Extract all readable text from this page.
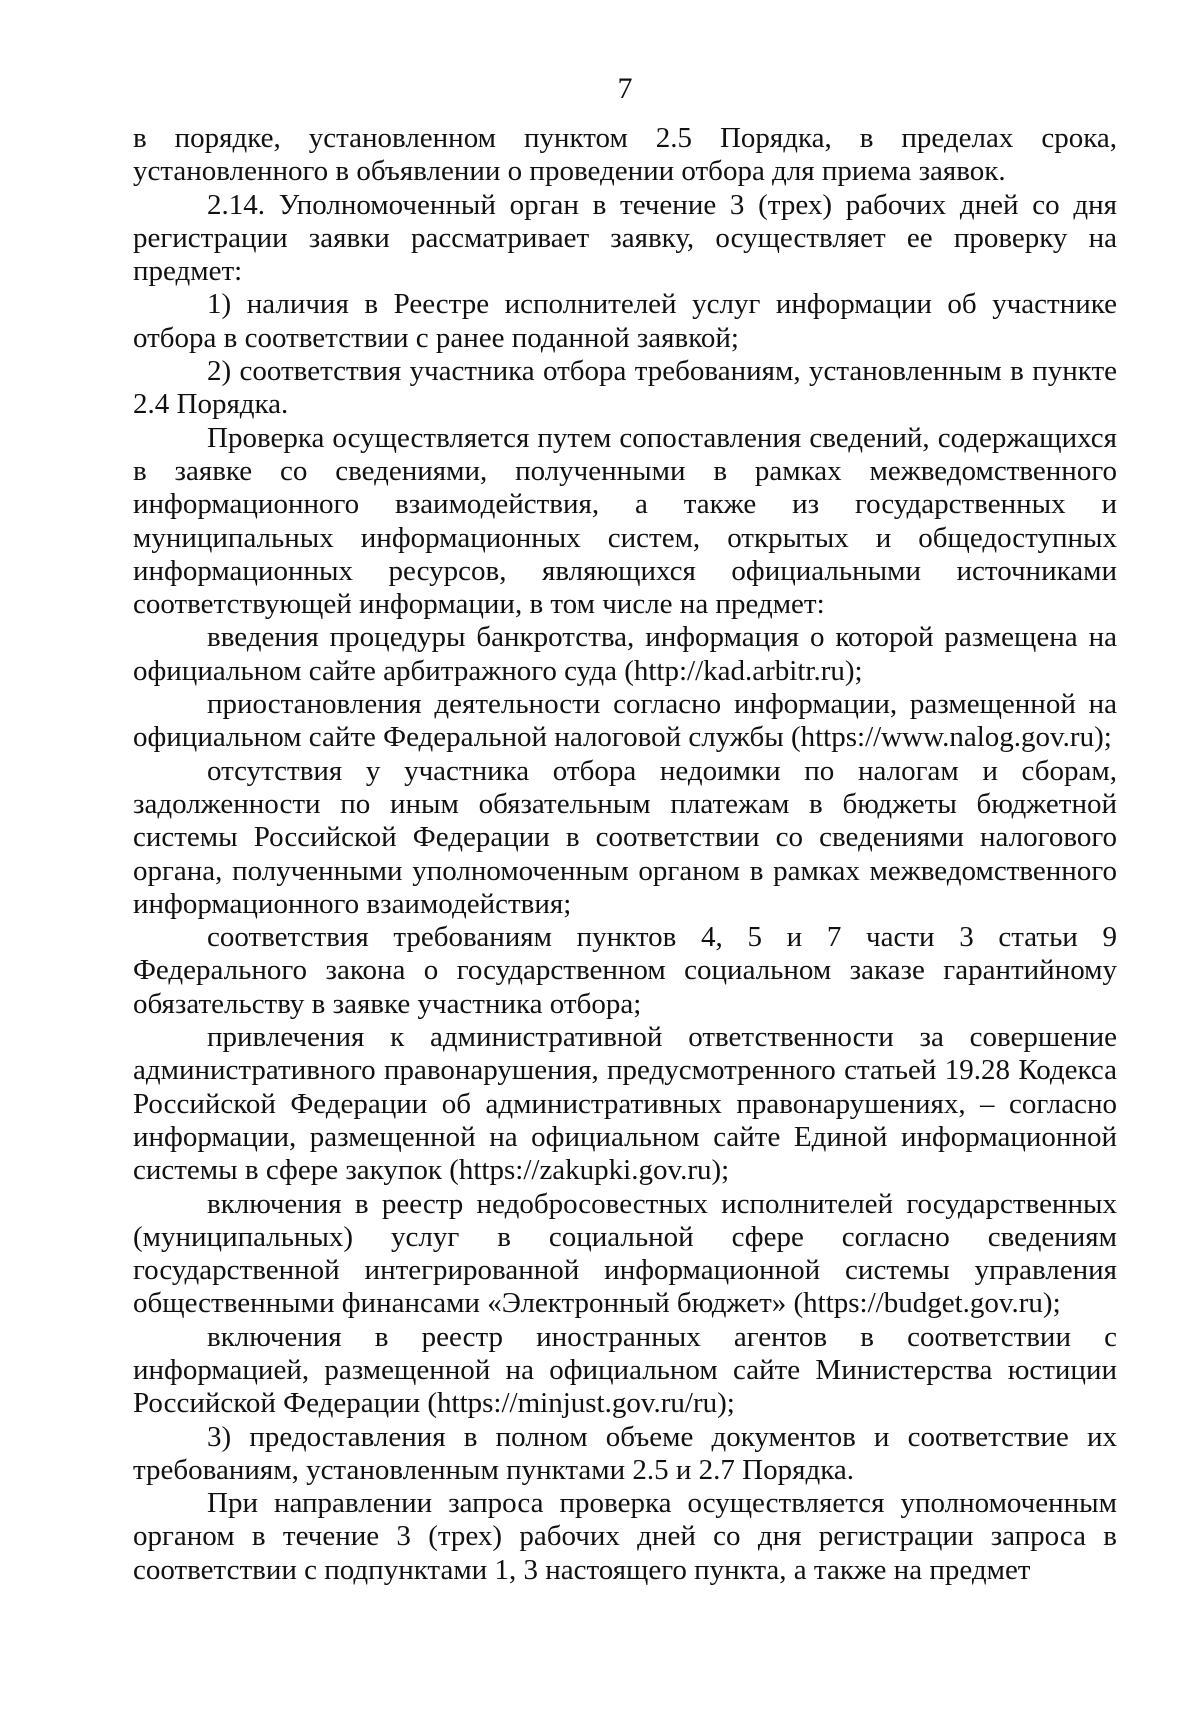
7

в порядке, установленном пунктом 2.5 Порядка, в пределах срока, установленного в объявлении о проведении отбора для приема заявок.

2.14. Уполномоченный орган в течение 3 (трех) рабочих дней со дня регистрации заявки рассматривает заявку, осуществляет ее проверку на предмет:

1) наличия в Реестре исполнителей услуг информации об участнике отбора в соответствии с ранее поданной заявкой;

2) соответствия участника отбора требованиям, установленным в пункте 2.4 Порядка.

Проверка осуществляется путем сопоставления сведений, содержащихся в заявке со сведениями, полученными в рамках межведомственного информационного взаимодействия, а также из государственных и муниципальных информационных систем, открытых и общедоступных информационных ресурсов, являющихся официальными источниками соответствующей информации, в том числе на предмет:

введения процедуры банкротства, информация о которой размещена на официальном сайте арбитражного суда (http://kad.arbitr.ru);

приостановления деятельности согласно информации, размещенной на официальном сайте Федеральной налоговой службы (https://www.nalog.gov.ru);

отсутствия у участника отбора недоимки по налогам и сборам, задолженности по иным обязательным платежам в бюджеты бюджетной системы Российской Федерации в соответствии со сведениями налогового органа, полученными уполномоченным органом в рамках межведомственного информационного взаимодействия;

соответствия требованиям пунктов 4, 5 и 7 части 3 статьи 9 Федерального закона о государственном социальном заказе гарантийному обязательству в заявке участника отбора;

привлечения к административной ответственности за совершение административного правонарушения, предусмотренного статьей 19.28 Кодекса Российской Федерации об административных правонарушениях, – согласно информации, размещенной на официальном сайте Единой информационной системы в сфере закупок (https://zakupki.gov.ru);

включения в реестр недобросовестных исполнителей государственных (муниципальных) услуг в социальной сфере согласно сведениям государственной интегрированной информационной системы управления общественными финансами «Электронный бюджет» (https://budget.gov.ru);

включения в реестр иностранных агентов в соответствии с информацией, размещенной на официальном сайте Министерства юстиции Российской Федерации (https://minjust.gov.ru/ru);

3) предоставления в полном объеме документов и соответствие их требованиям, установленным пунктами 2.5 и 2.7 Порядка.

При направлении запроса проверка осуществляется уполномоченным органом в течение 3 (трех) рабочих дней со дня регистрации запроса в соответствии с подпунктами 1, 3 настоящего пункта, а также на предмет
